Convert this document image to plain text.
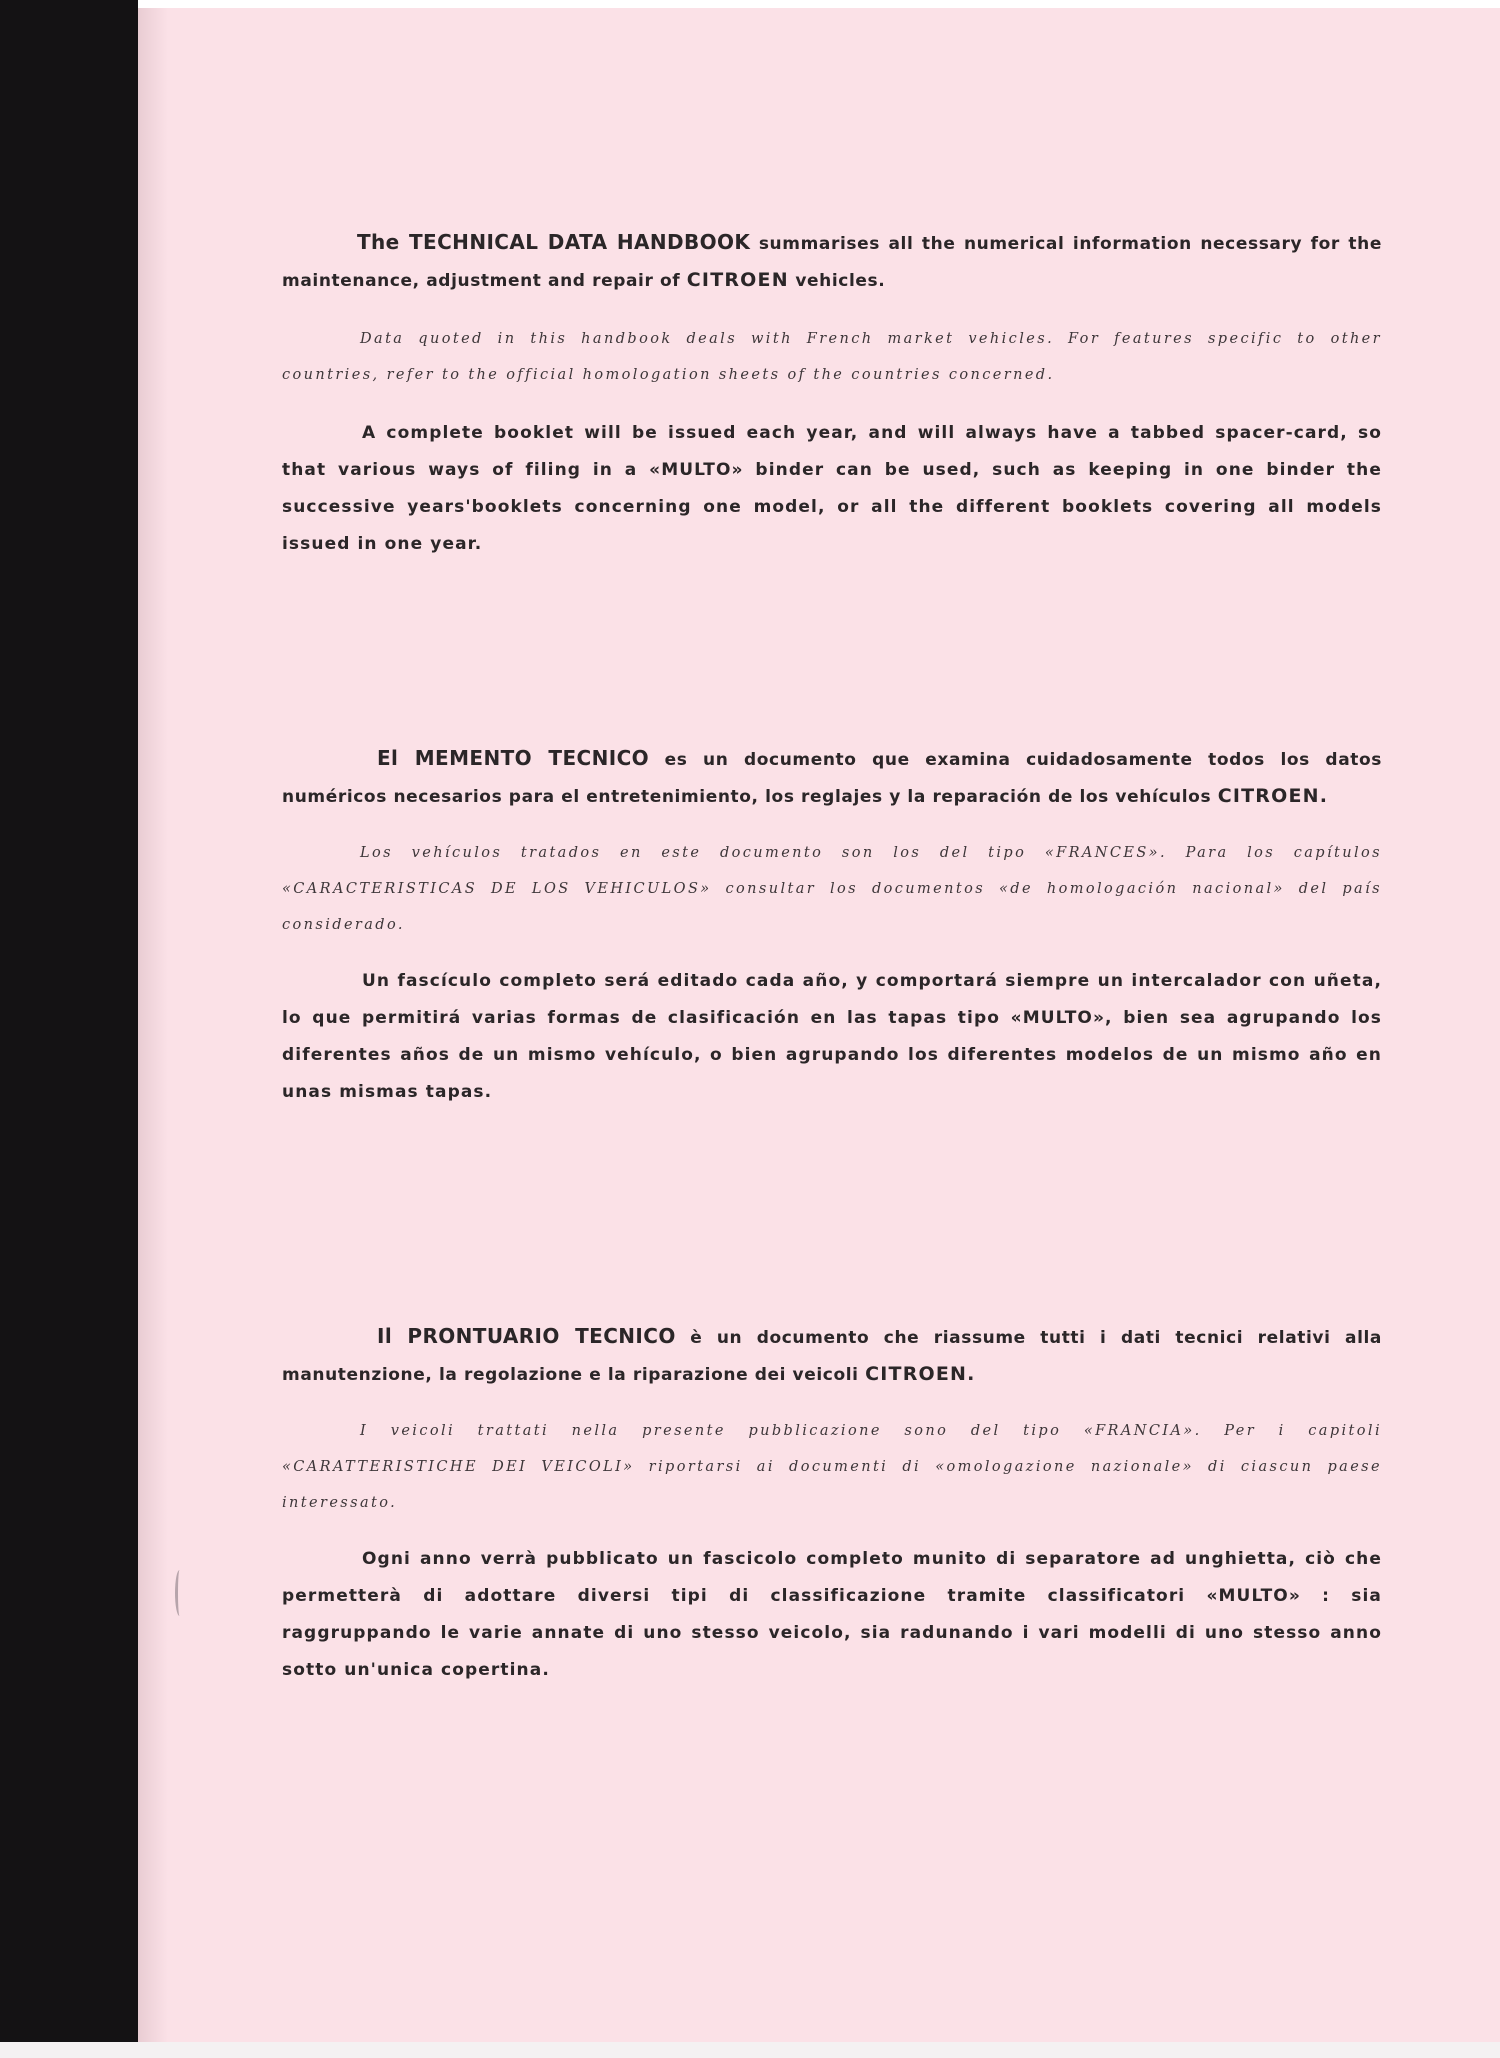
The TECHNICAL DATA HANDBOOK summarises all the numerical information necessary for the maintenance, adjustment and repair of CITROEN vehicles.

Data quoted in this handbook deals with French market vehicles. For features specific to other countries, refer to the official homologation sheets of the countries concerned.

A complete booklet will be issued each year, and will always have a tabbed spacer-card, so that various ways of filing in a «MULTO» binder can be used, such as keeping in one binder the successive years'booklets concerning one model, or all the different booklets covering all models issued in one year.

El MEMENTO TECNICO es un documento que examina cuidadosamente todos los datos numéricos necesarios para el entretenimiento, los reglajes y la reparación de los vehículos CITROEN.

Los vehículos tratados en este documento son los del tipo «FRANCES». Para los capítulos «CARACTERISTICAS DE LOS VEHICULOS» consultar los documentos «de homologación nacional» del país considerado.

Un fascículo completo será editado cada año, y comportará siempre un intercalador con uñeta, lo que permitirá varias formas de clasificación en las tapas tipo «MULTO», bien sea agrupando los diferentes años de un mismo vehículo, o bien agrupando los diferentes modelos de un mismo año en unas mismas tapas.

Il PRONTUARIO TECNICO è un documento che riassume tutti i dati tecnici relativi alla manutenzione, la regolazione e la riparazione dei veicoli CITROEN.

I veicoli trattati nella presente pubblicazione sono del tipo «FRANCIA». Per i capitoli «CARATTERISTICHE DEI VEICOLI» riportarsi ai documenti di «omologazione nazionale» di ciascun paese interessato.

Ogni anno verrà pubblicato un fascicolo completo munito di separatore ad unghietta, ciò che permetterà di adottare diversi tipi di classificazione tramite classificatori «MULTO» : sia raggruppando le varie annate di uno stesso veicolo, sia radunando i vari modelli di uno stesso anno sotto un'unica copertina.
